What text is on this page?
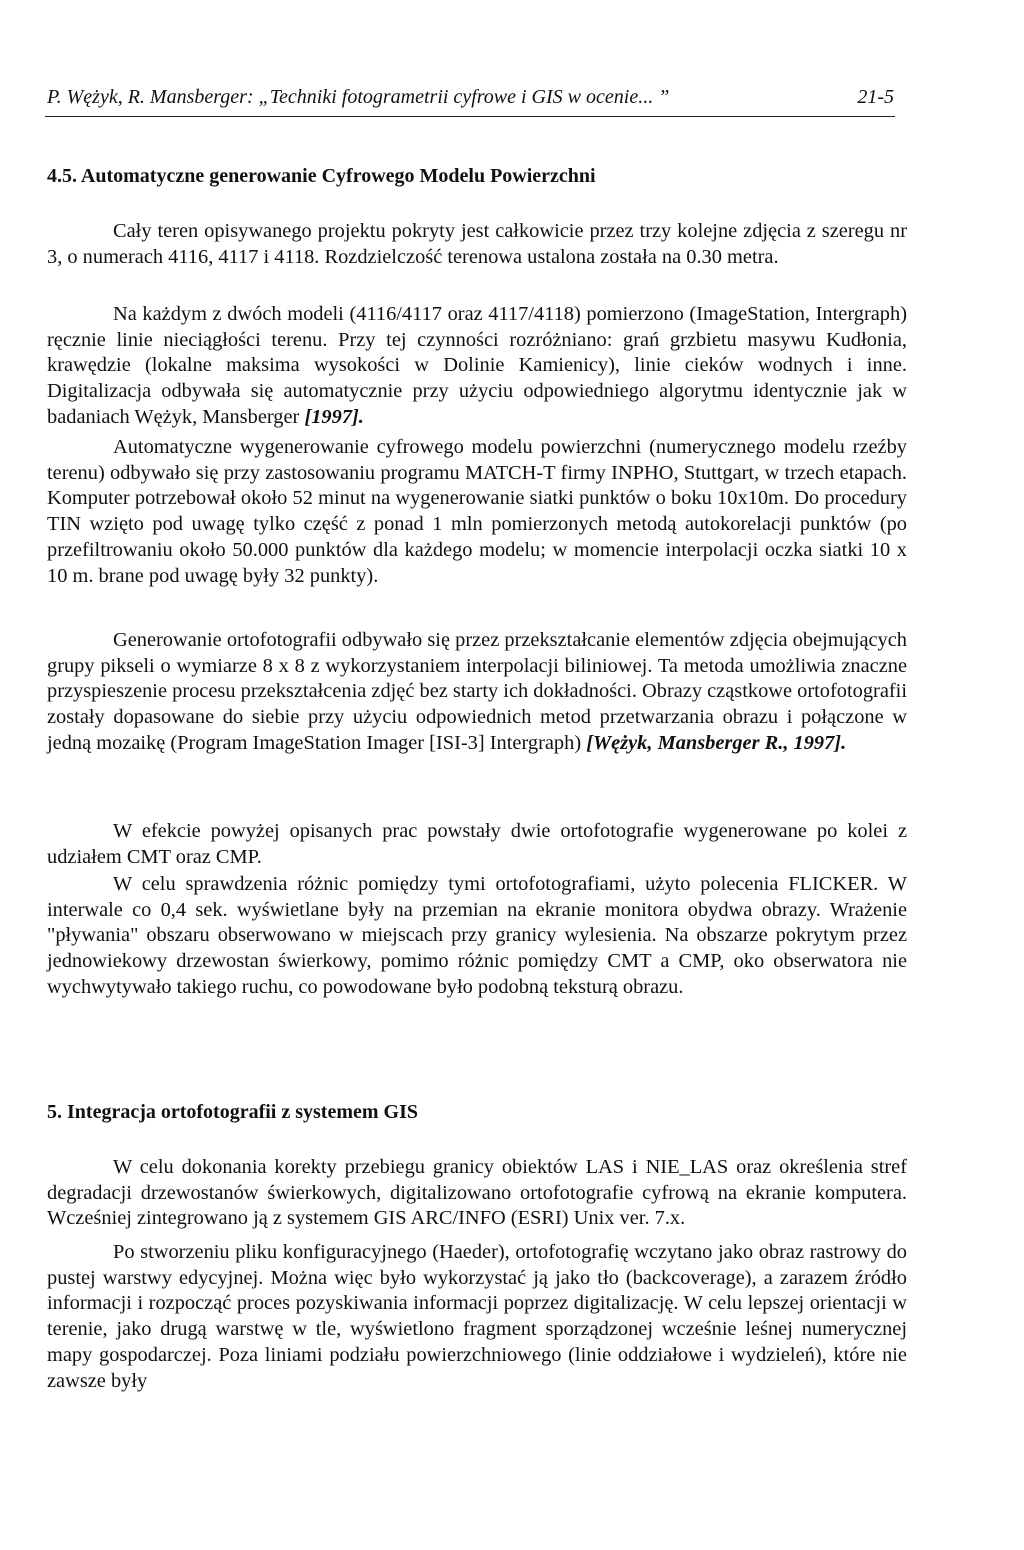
P. Wężyk, R. Mansberger: „Techniki fotogrametrii cyfrowe i GIS w ocenie... ”	21-5
4.5. Automatyczne generowanie Cyfrowego Modelu Powierzchni

Cały teren opisywanego projektu pokryty jest całkowicie przez trzy kolejne zdjęcia z szeregu nr 3, o numerach 4116, 4117 i 4118. Rozdzielczość terenowa ustalona została na 0.30 metra.

Na każdym z dwóch modeli (4116/4117 oraz 4117/4118) pomierzono (ImageStation, Intergraph) ręcznie linie nieciągłości terenu. Przy tej czynności rozróżniano: grań grzbietu masywu Kudłonia, krawędzie (lokalne maksima wysokości w Dolinie Kamienicy), linie cieków wodnych i inne. Digitalizacja odbywała się automatycznie przy użyciu odpowiedniego algorytmu identycznie jak w badaniach Wężyk, Mansberger [1997].

Automatyczne wygenerowanie cyfrowego modelu powierzchni (numerycznego modelu rzeźby terenu) odbywało się przy zastosowaniu programu MATCH-T firmy INPHO, Stuttgart, w trzech etapach. Komputer potrzebował około 52 minut na wygenerowanie siatki punktów o boku 10x10m. Do procedury TIN wzięto pod uwagę tylko część z ponad 1 mln pomierzonych metodą autokorelacji punktów (po przefiltrowaniu około 50.000 punktów dla każdego modelu; w momencie interpolacji oczka siatki 10 x 10 m. brane pod uwagę były 32 punkty).

Generowanie ortofotografii odbywało się przez przekształcanie elementów zdjęcia obejmujących grupy pikseli o wymiarze 8 x 8 z wykorzystaniem interpolacji biliniowej. Ta metoda umożliwia znaczne przyspieszenie procesu przekształcenia zdjęć bez starty ich dokładności. Obrazy cząstkowe ortofotografii zostały dopasowane do siebie przy użyciu odpowiednich metod przetwarzania obrazu i połączone w jedną mozaikę (Program ImageStation Imager [ISI-3] Intergraph) [Wężyk, Mansberger R., 1997].

W efekcie powyżej opisanych prac powstały dwie ortofotografie wygenerowane po kolei z udziałem CMT oraz CMP.

W celu sprawdzenia różnic pomiędzy tymi ortofotografiami, użyto polecenia FLICKER. W interwale co 0,4 sek. wyświetlane były na przemian na ekranie monitora obydwa obrazy. Wrażenie "pływania" obszaru obserwowano w miejscach przy granicy wylesienia. Na obszarze pokrytym przez jednowiekowy drzewostan świerkowy, pomimo różnic pomiędzy CMT a CMP, oko obserwatora nie wychwytywało takiego ruchu, co powodowane było podobną teksturą obrazu.

5. Integracja ortofotografii z systemem GIS

W celu dokonania korekty przebiegu granicy obiektów LAS i NIE_LAS oraz określenia stref degradacji drzewostanów świerkowych, digitalizowano ortofotografie cyfrową na ekranie komputera. Wcześniej zintegrowano ją z systemem GIS ARC/INFO (ESRI) Unix ver. 7.x.

Po stworzeniu pliku konfiguracyjnego (Haeder), ortofotografię wczytano jako obraz rastrowy do pustej warstwy edycyjnej. Można więc było wykorzystać ją jako tło (backcoverage), a zarazem źródło informacji i rozpocząć proces pozyskiwania informacji poprzez digitalizację. W celu lepszej orientacji w terenie, jako drugą warstwę w tle, wyświetlono fragment sporządzonej wcześnie leśnej numerycznej mapy gospodarczej. Poza liniami podziału powierzchniowego (linie oddziałowe i wydzieleń), które nie zawsze były
